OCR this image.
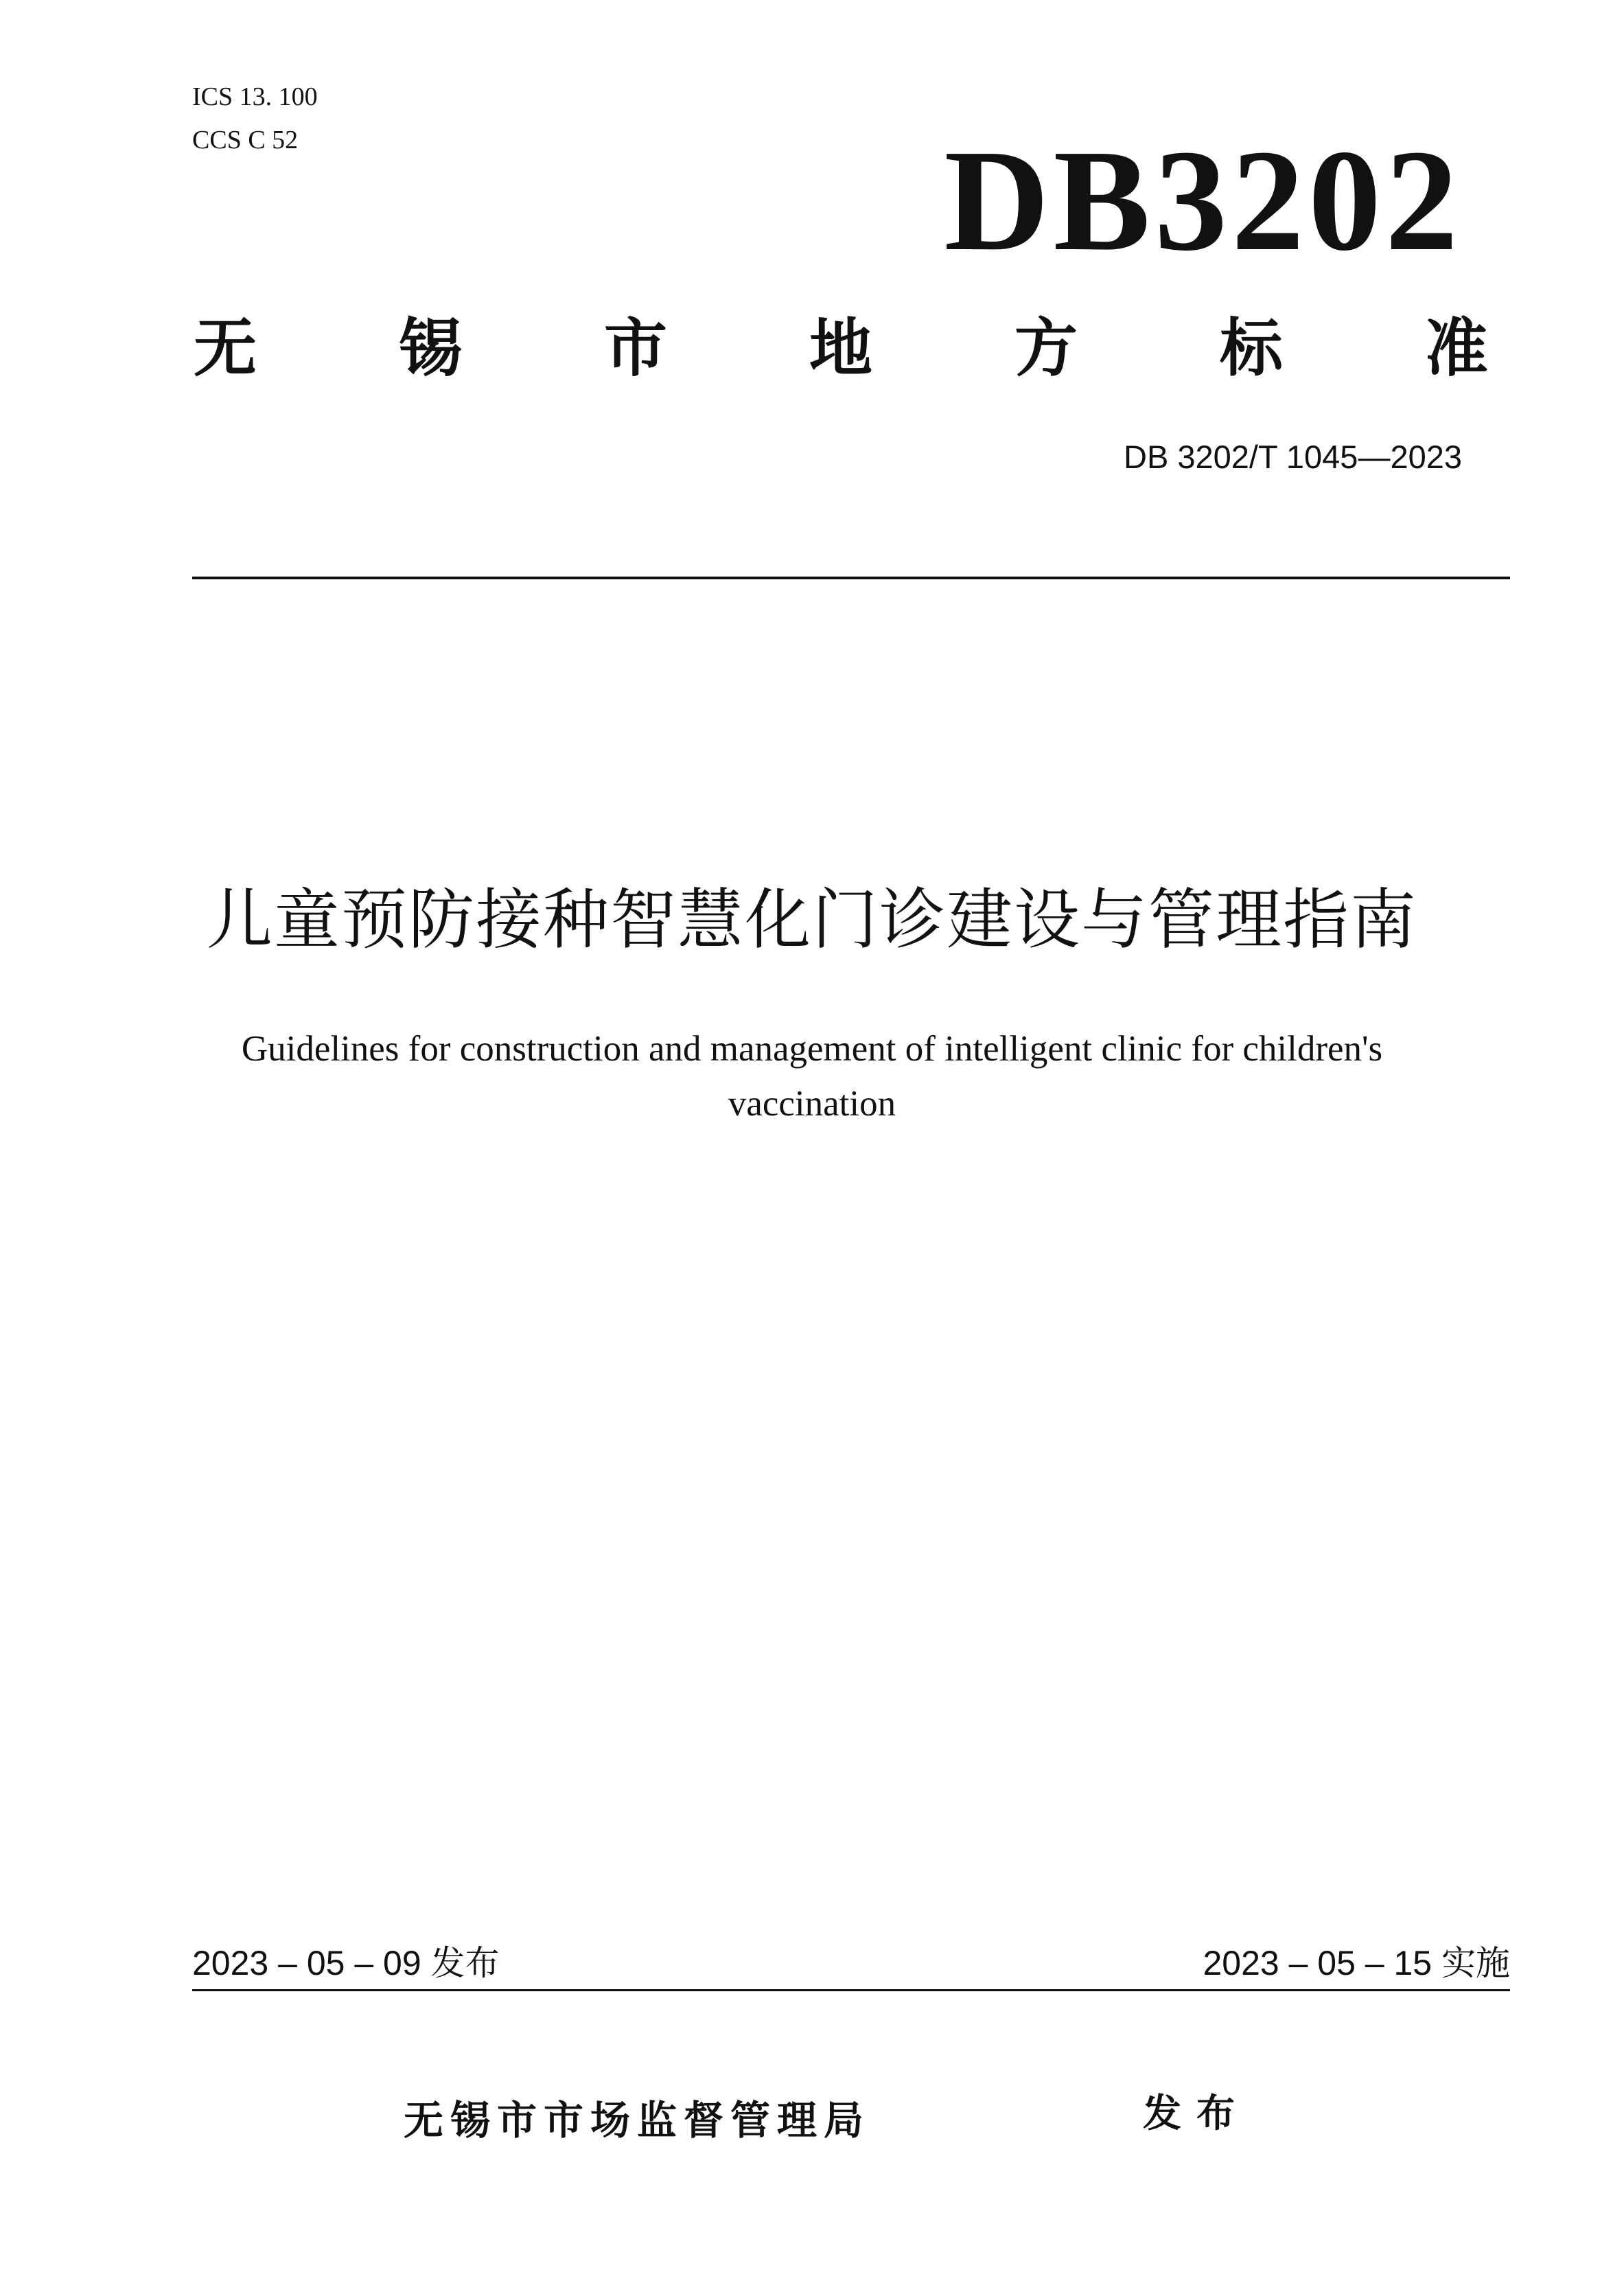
ICS 13. 100
CCS C 52	DB3202
无 锡 市 地 方 标 准
DB 3202/T 1045—2023
儿童预防接种智慧化门诊建设与管理指南
Guidelines for construction and management of intelligent clinic for children's
vaccination
2023 – 05 – 09 发布	2023 – 05 – 15 实施
无锡市市场监督管理局	发布
